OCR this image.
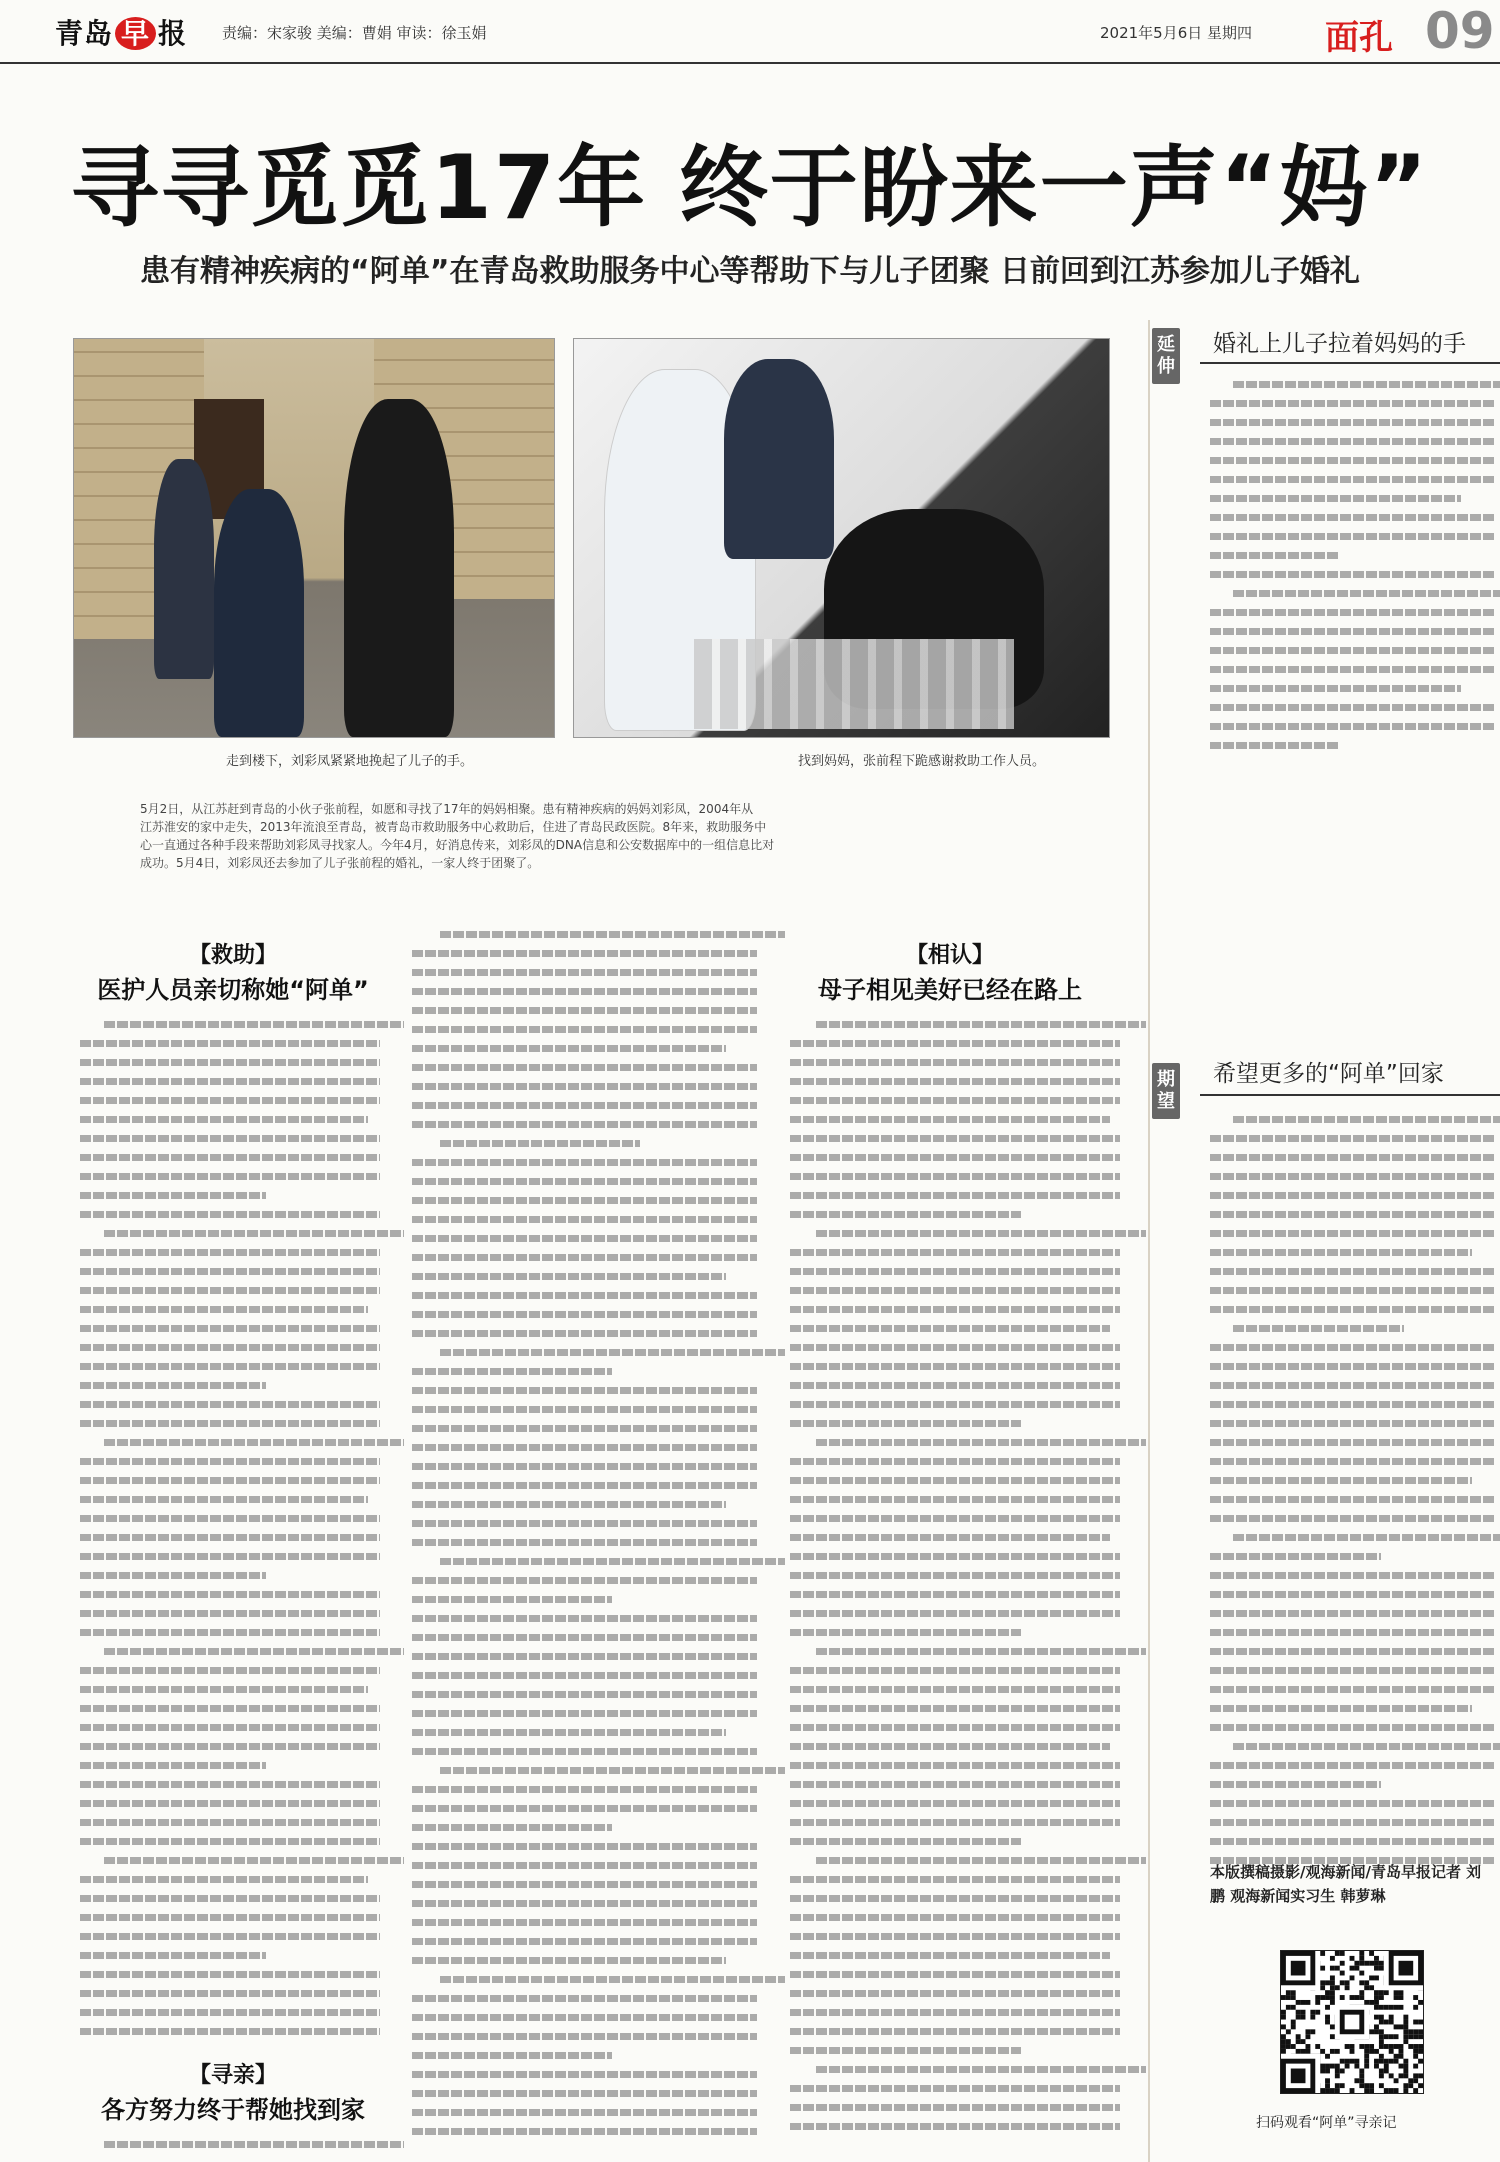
青岛 早 报 责编：宋家骏 美编：曹娟 审读：徐玉娟	2021年5月6日 星期四 面孔 09
寻寻觅觅17年 终于盼来一声“妈”
患有精神疾病的“阿单”在青岛救助服务中心等帮助下与儿子团聚 日前回到江苏参加儿子婚礼
走到楼下，刘彩凤紧紧地挽起了儿子的手。	找到妈妈，张前程下跪感谢救助工作人员。
5月2日，从江苏赶到青岛的小伙子张前程，如愿和寻找了17年的妈妈相聚。患有精神疾病的妈妈刘彩凤，2004年从
江苏淮安的家中走失，2013年流浪至青岛，被青岛市救助服务中心救助后，住进了青岛民政医院。8年来，救助服务中
心一直通过各种手段来帮助刘彩凤寻找家人。今年4月，好消息传来，刘彩凤的DNA信息和公安数据库中的一组信息比对
成功。5月4日，刘彩凤还去参加了儿子张前程的婚礼，一家人终于团聚了。
【救助】
医护人员亲切称她“阿单”
【寻亲】
各方努力终于帮她找到家
【相认】
母子相见美好已经在路上
延伸
婚礼上儿子拉着妈妈的手
期望
希望更多的“阿单”回家
本版撰稿摄影/观海新闻/青岛早报记者 刘鹏 观海新闻实习生 韩萝琳
扫码观看“阿单”寻亲记
